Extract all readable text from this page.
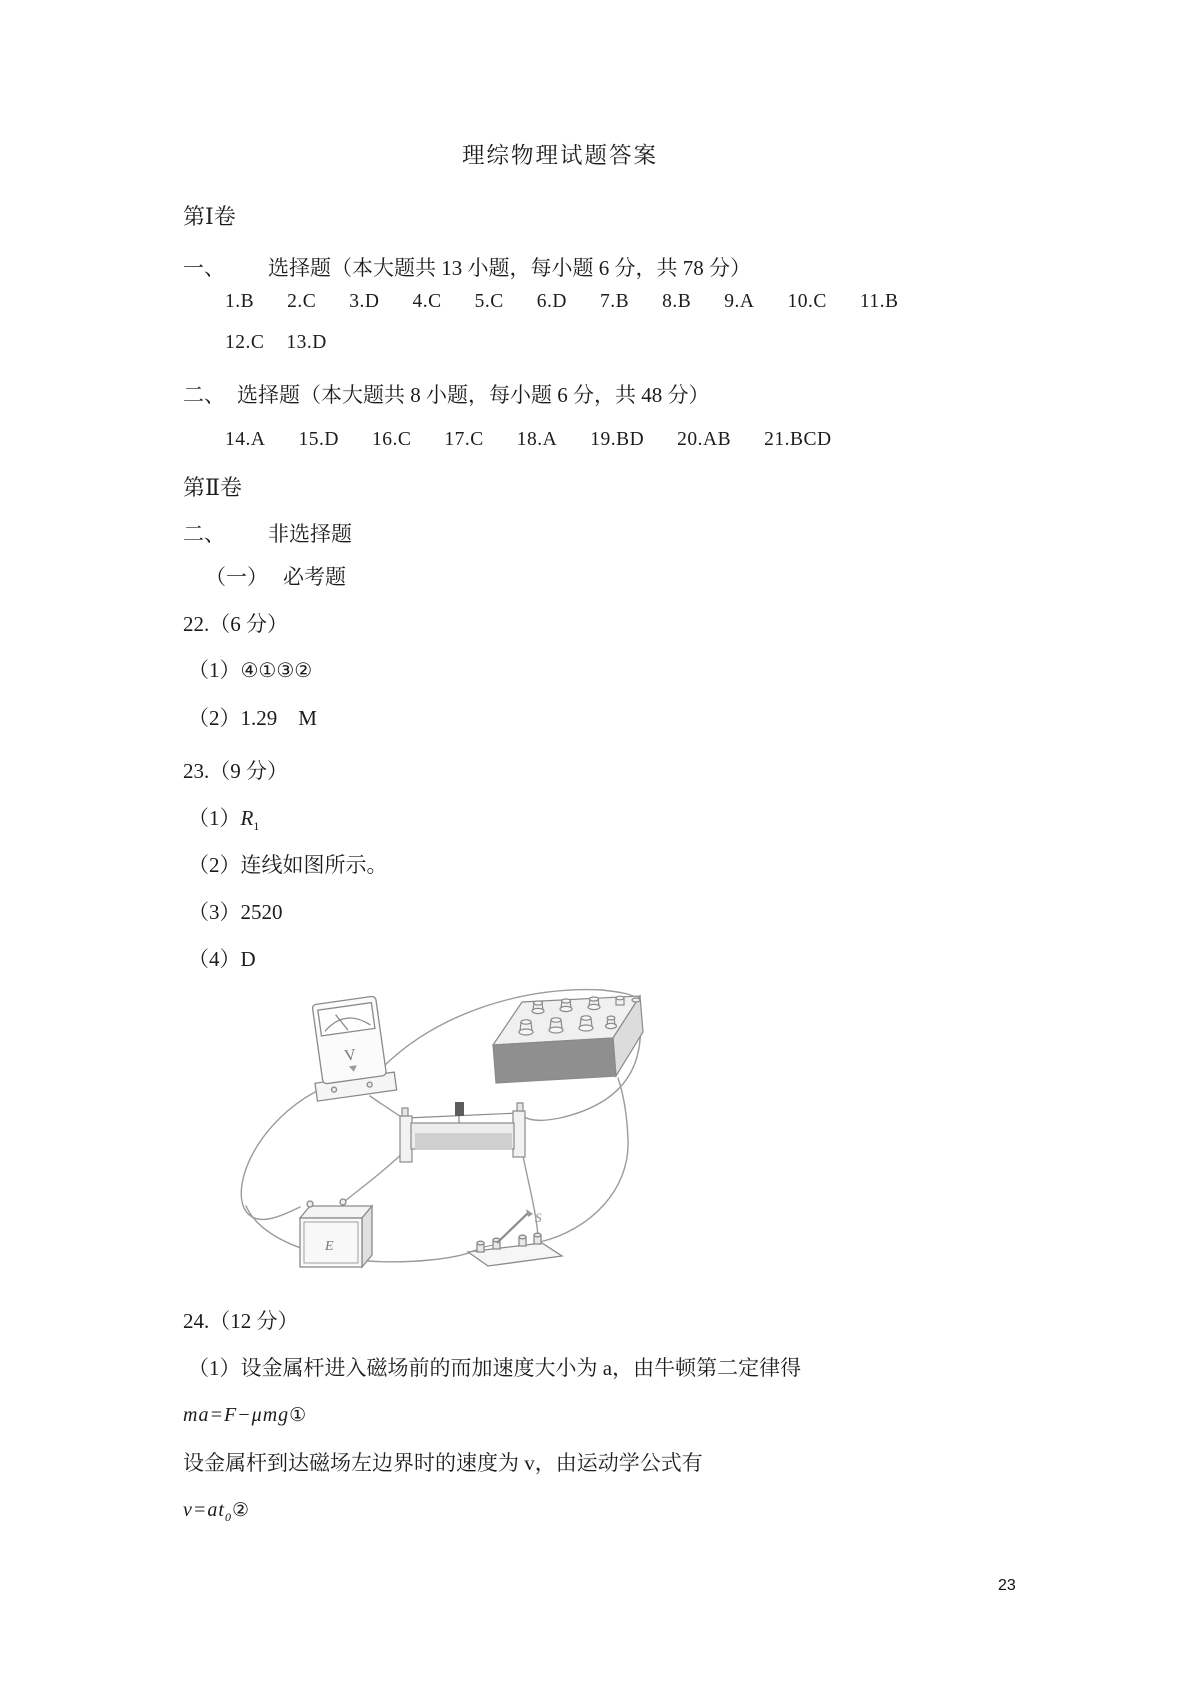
理综物理试题答案
第Ⅰ卷
一、 选择题（本大题共 13 小题，每小题 6 分，共 78 分）
1.B 2.C 3.D 4.C 5.C 6.D 7.B 8.B 9.A 10.C 11.B
12.C 13.D
二、 选择题（本大题共 8 小题，每小题 6 分，共 48 分）
14.A 15.D 16.C 17.C 18.A 19.BD 20.AB 21.BCD
第Ⅱ卷
二、 非选择题
（一） 必考题
22.（6 分）
（1）④①③②
（2）1.29    M
23.（9 分）
$(1)R_1$
（2）连线如图所示。
（3）2520
（4）D
V
E
S
24.（12 分）
（1）设金属杆进入磁场前的而加速度大小为 a，由牛顿第二定律得
ma=F−μmg①
设金属杆到达磁场左边界时的速度为 v，由运动学公式有
$v=at_0②$
23
